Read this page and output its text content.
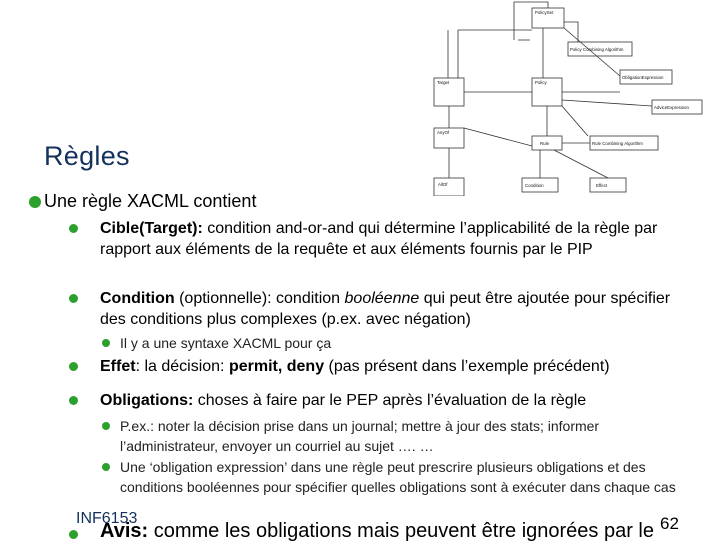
PolicySet
Policy Combining Algorithm
ObligationExpression
Target	Policy
AdviceExpression
AnyOf
Rule	Rule Combining Algorithm
AllOf	Condition	Effect
Règles
Une règle XACML contient
Cible(Target): condition and-or-and qui détermine l’applicabilité de la règle par rapport aux éléments de la requête et aux éléments fournis par le PIP
Condition (optionnelle): condition booléenne qui peut être ajoutée pour spécifier des conditions plus complexes (p.ex. avec négation)
Il y a une syntaxe XACML pour ça
Effet: la décision: permit, deny (pas présent dans l’exemple précédent)
Obligations: choses à faire par le PEP après l’évaluation de la règle
P.ex.: noter la décision prise dans un journal; mettre à jour des stats; informer l’administrateur, envoyer un courriel au sujet …. …
Une ‘obligation expression’ dans une règle peut prescrire plusieurs obligations et des conditions booléennes pour spécifier quelles obligations sont à exécuter dans chaque cas
Avis: comme les obligations mais peuvent être ignorées par le
INF6153	62
